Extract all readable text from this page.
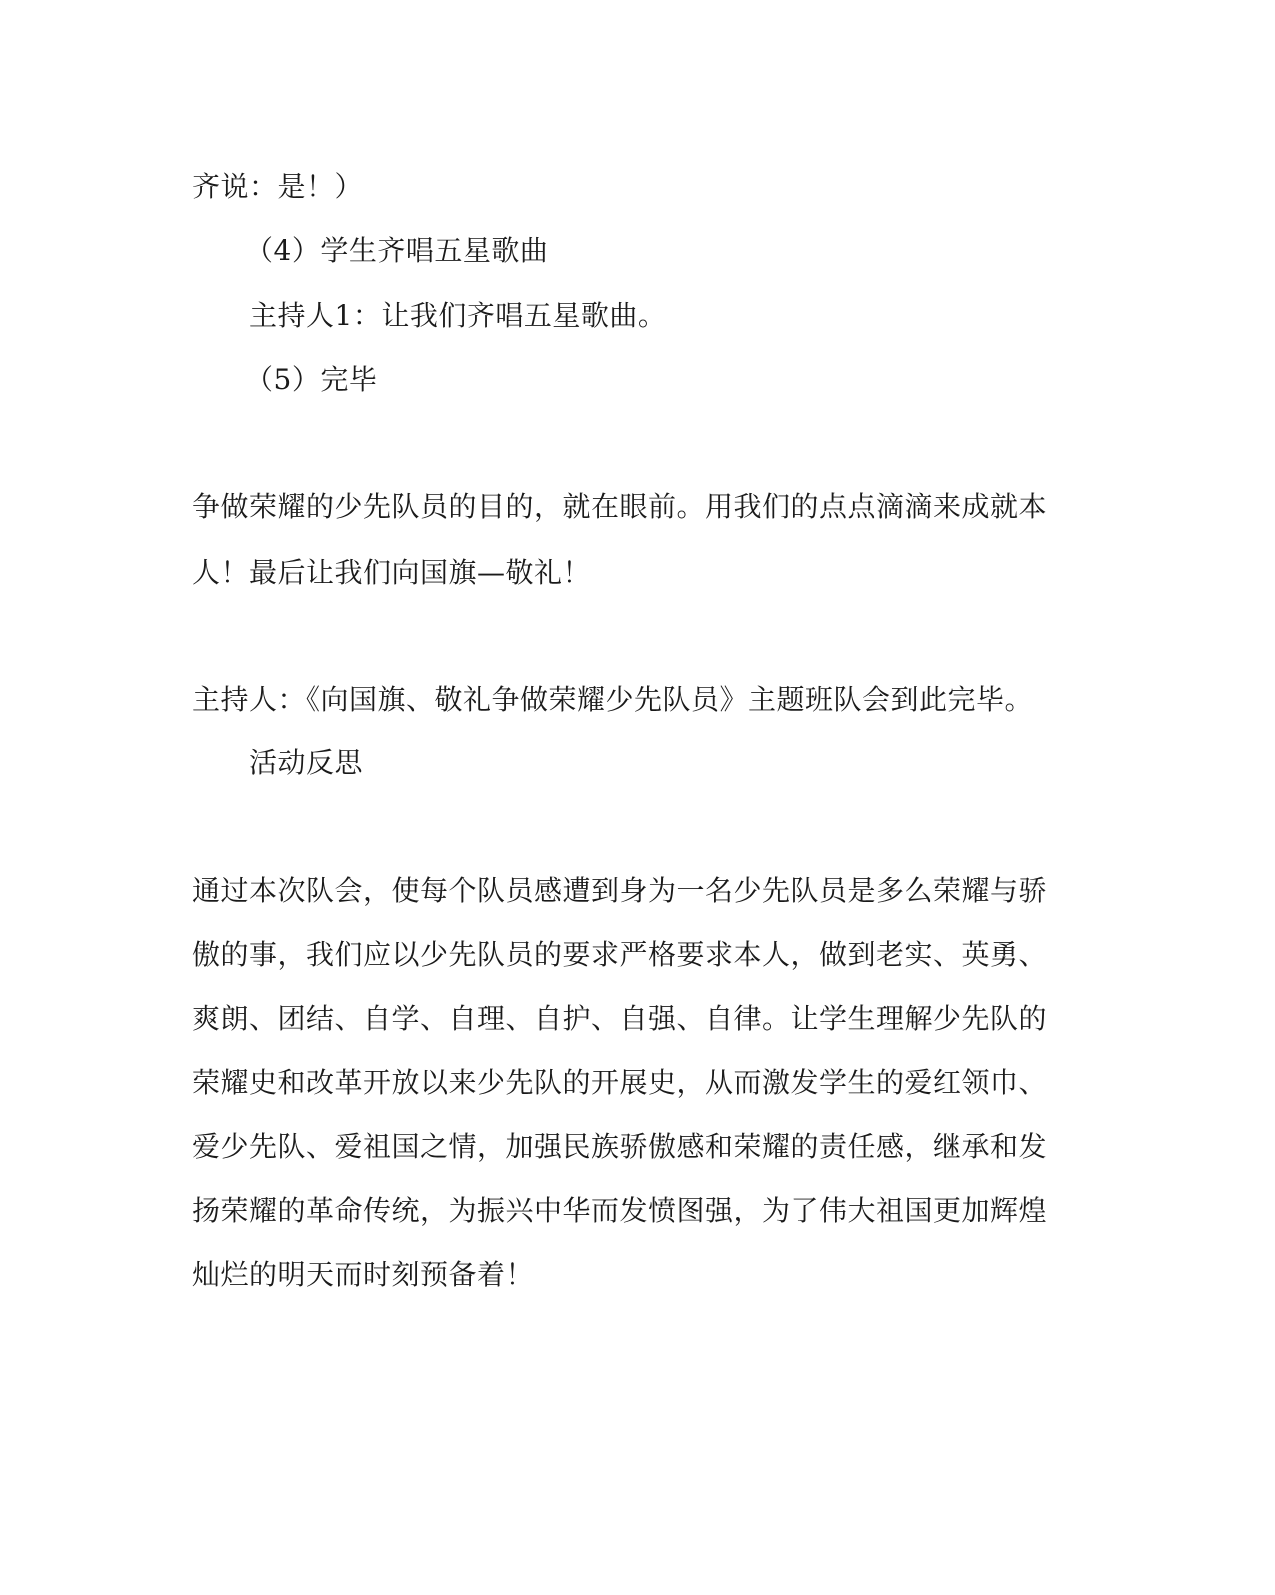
齐说：是！）
（4）学生齐唱五星歌曲
主持人1：让我们齐唱五星歌曲。
（5）完毕
争做荣耀的少先队员的目的，就在眼前。用我们的点点滴滴来成就本
人！最后让我们向国旗—敬礼！
主持人：《向国旗、敬礼争做荣耀少先队员》主题班队会到此完毕。
活动反思
通过本次队会，使每个队员感遭到身为一名少先队员是多么荣耀与骄
傲的事，我们应以少先队员的要求严格要求本人，做到老实、英勇、
爽朗、团结、自学、自理、自护、自强、自律。让学生理解少先队的
荣耀史和改革开放以来少先队的开展史，从而激发学生的爱红领巾、
爱少先队、爱祖国之情，加强民族骄傲感和荣耀的责任感，继承和发
扬荣耀的革命传统，为振兴中华而发愤图强，为了伟大祖国更加辉煌
灿烂的明天而时刻预备着！
